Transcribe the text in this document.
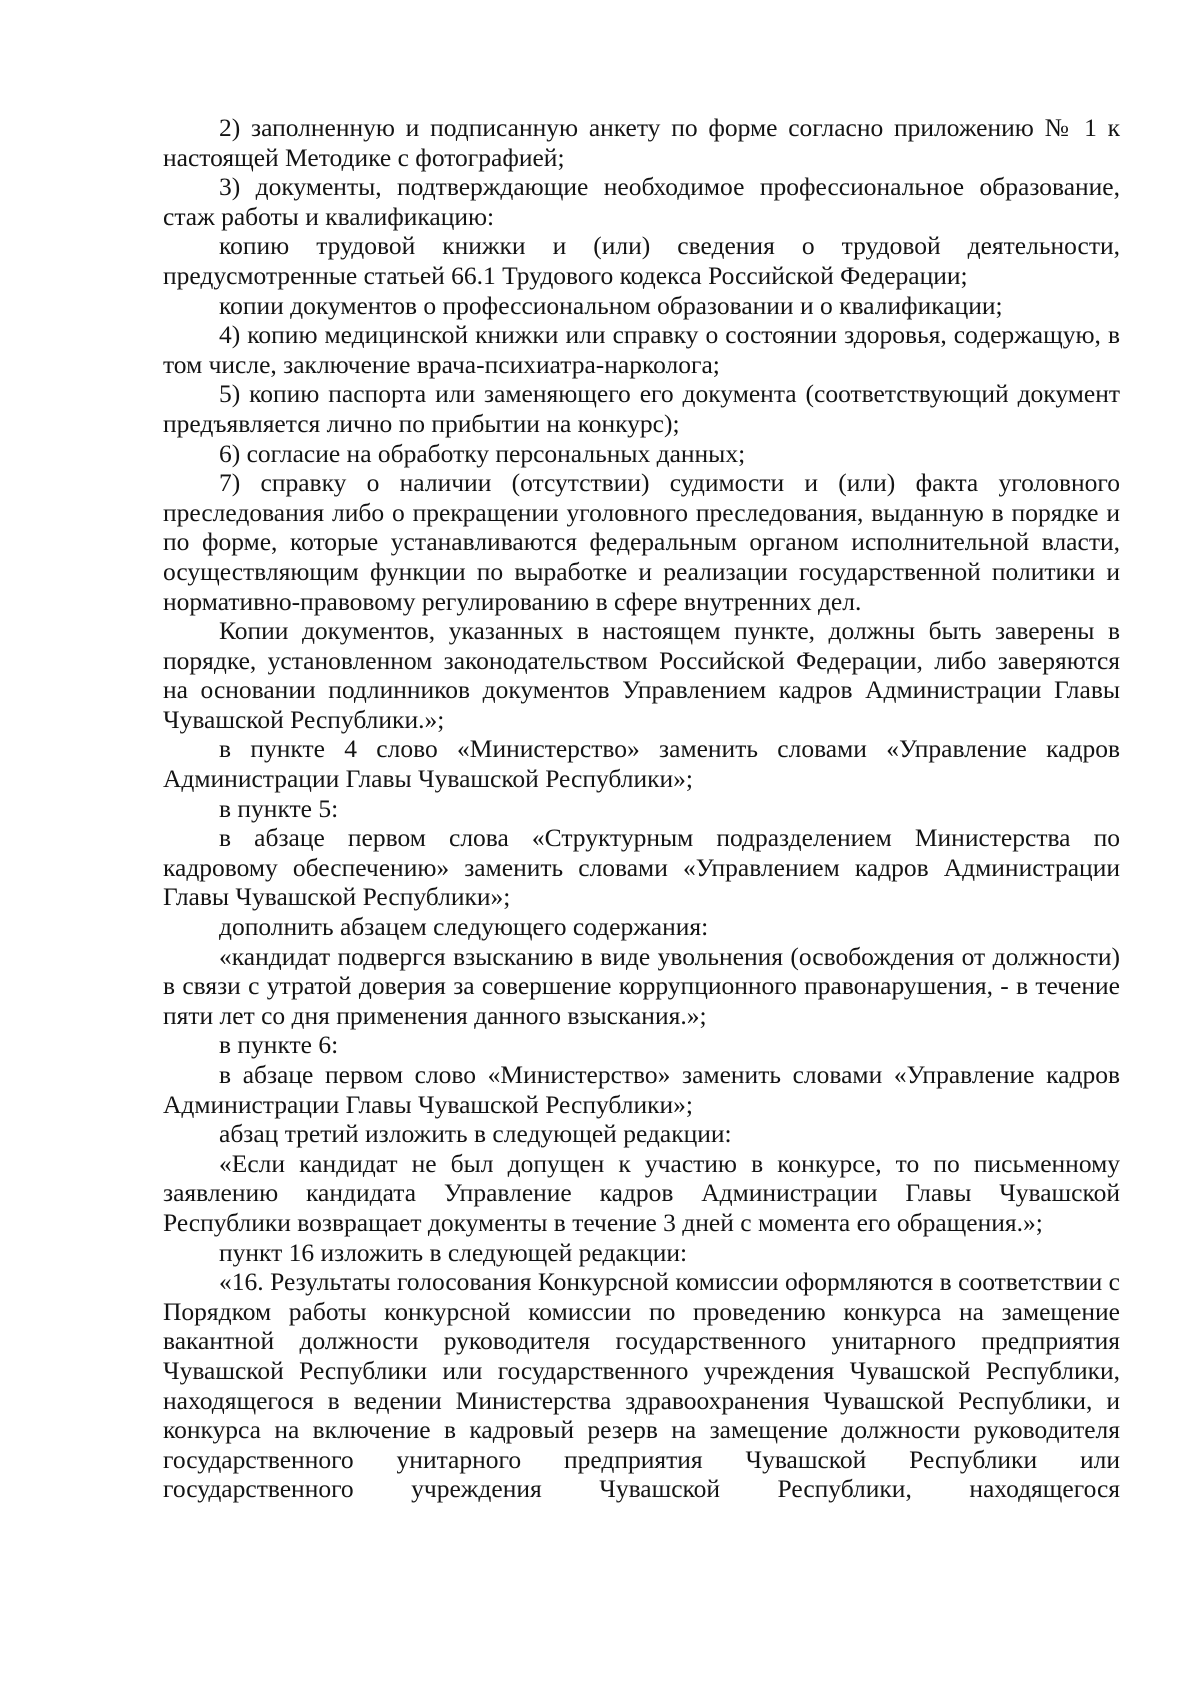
2) заполненную и подписанную анкету по форме согласно приложению № 1 к настоящей Методике с фотографией;

3) документы, подтверждающие необходимое профессиональное образование, стаж работы и квалификацию:

копию трудовой книжки и (или) сведения о трудовой деятельности, предусмотренные статьей 66.1 Трудового кодекса Российской Федерации;

копии документов о профессиональном образовании и о квалификации;

4) копию медицинской книжки или справку о состоянии здоровья, содержащую, в том числе, заключение врача-психиатра-нарколога;

5) копию паспорта или заменяющего его документа (соответствующий документ предъявляется лично по прибытии на конкурс);

6) согласие на обработку персональных данных;

7) справку о наличии (отсутствии) судимости и (или) факта уголовного преследования либо о прекращении уголовного преследования, выданную в порядке и по форме, которые устанавливаются федеральным органом исполнительной власти, осуществляющим функции по выработке и реализации государственной политики и нормативно-правовому регулированию в сфере внутренних дел.

Копии документов, указанных в настоящем пункте, должны быть заверены в порядке, установленном законодательством Российской Федерации, либо заверяются на основании подлинников документов Управлением кадров Администрации Главы Чувашской Республики.»;

в пункте 4 слово «Министерство» заменить словами «Управление кадров Администрации Главы Чувашской Республики»;

в пункте 5:

в абзаце первом слова «Структурным подразделением Министерства по кадровому обеспечению» заменить словами «Управлением кадров Администрации Главы Чувашской Республики»;

дополнить абзацем следующего содержания:

«кандидат подвергся взысканию в виде увольнения (освобождения от должности) в связи с утратой доверия за совершение коррупционного правонарушения, - в течение пяти лет со дня применения данного взыскания.»;

в пункте 6:

в абзаце первом слово «Министерство» заменить словами «Управление кадров Администрации Главы Чувашской Республики»;

абзац третий изложить в следующей редакции:

«Если кандидат не был допущен к участию в конкурсе, то по письменному заявлению кандидата Управление кадров Администрации Главы Чувашской Республики возвращает документы в течение 3 дней с момента его обращения.»;

пункт 16 изложить в следующей редакции:

«16. Результаты голосования Конкурсной комиссии оформляются в соответствии с Порядком работы конкурсной комиссии по проведению конкурса на замещение вакантной должности руководителя государственного унитарного предприятия Чувашской Республики или государственного учреждения Чувашской Республики, находящегося в ведении Министерства здравоохранения Чувашской Республики, и конкурса на включение в кадровый резерв на замещение должности руководителя государственного унитарного предприятия Чувашской Республики или государственного учреждения Чувашской Республики, находящегося
